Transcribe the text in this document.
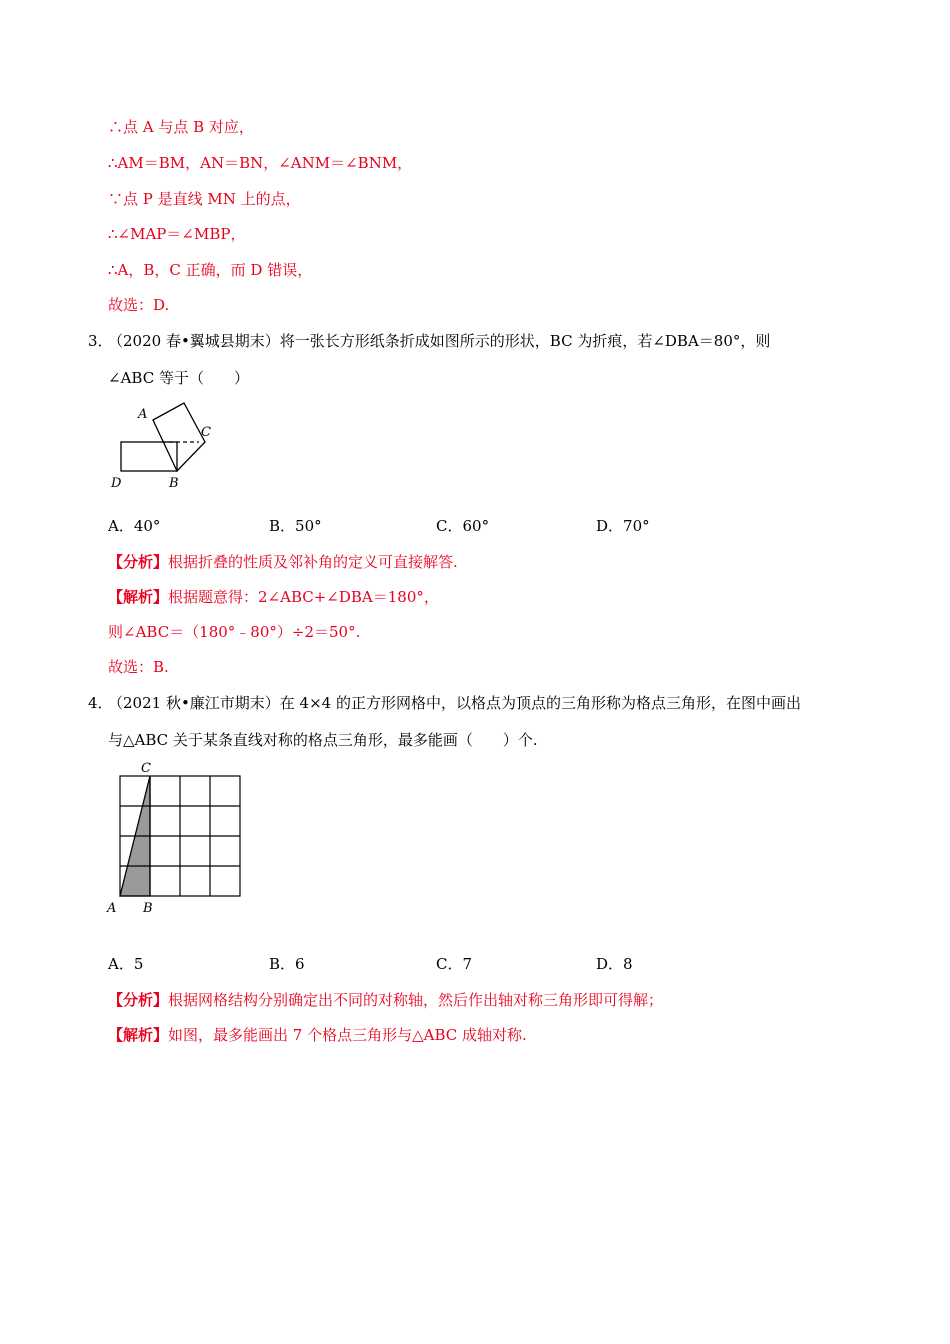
∴点 A 与点 B 对应，
∴AM＝BM，AN＝BN，∠ANM＝∠BNM，
∵点 P 是直线 MN 上的点，
∴∠MAP＝∠MBP，
∴A，B，C 正确，而 D 错误，
故选：D.
3．
（2020 春•翼城县期末）将一张长方形纸条折成如图所示的形状，BC 为折痕，若∠DBA＝80°，则
∠ABC 等于（　　）
A
C
D	B
A．40°	B．50°	C．60°	D．70°
【分析】根据折叠的性质及邻补角的定义可直接解答.
【解析】根据题意得：2∠ABC+∠DBA＝180°，
则∠ABC＝（180°﹣80°）÷2＝50°.
故选：B.
4．
（2021 秋•廉江市期末）在 4×4 的正方形网格中，以格点为顶点的三角形称为格点三角形，在图中画出
与△ABC 关于某条直线对称的格点三角形，最多能画（　　）个.
C
A B
A．5	B．6	C．7	D．8
【分析】根据网格结构分别确定出不同的对称轴，然后作出轴对称三角形即可得解；
【解析】如图，最多能画出 7 个格点三角形与△ABC 成轴对称.
